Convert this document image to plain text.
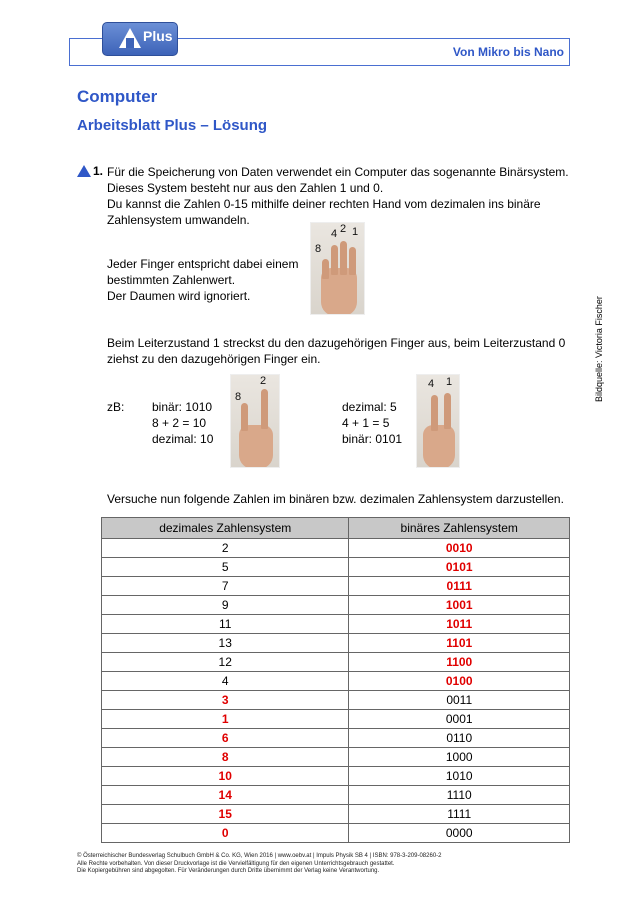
Plus
Von Mikro bis Nano
Computer
Arbeitsblatt Plus – Lösung
1. Für die Speicherung von Daten verwendet ein Computer das sogenannte Binärsystem.
Dieses System besteht nur aus den Zahlen 1 und 0.
Du kannst die Zahlen 0-15 mithilfe deiner rechten Hand vom dezimalen ins binäre
Zahlensystem umwandeln.
Jeder Finger entspricht dabei einem
bestimmten Zahlenwert.
Der Daumen wird ignoriert.
8
4 2 1
Beim Leiterzustand 1 streckst du den dazugehörigen Finger aus, beim Leiterzustand 0
ziehst zu den dazugehörigen Finger ein.
zB: binär: 1010
8 + 2 = 10
dezimal: 10
8
2
dezimal: 5
4 + 1 = 5
binär: 0101
4 1
Versuche nun folgende Zahlen im binären bzw. dezimalen Zahlensystem darzustellen.
Bildquelle: Victoria Fischer
dezimales Zahlensystem	binäres Zahlensystem
2	0010
5	0101
7	0111
9	1001
11	1011
13	1101
12	1100
4	0100
3	0011
1	0001
6	0110
8	1000
10	1010
14	1110
15	1111
0	0000
© Österreichischer Bundesverlag Schulbuch GmbH & Co. KG, Wien 2016 | www.oebv.at | Impuls Physik SB 4 | ISBN: 978-3-209-08260-2
Alle Rechte vorbehalten. Von dieser Druckvorlage ist die Vervielfältigung für den eigenen Unterrichtsgebrauch gestattet.
Die Kopiergebühren sind abgegolten. Für Veränderungen durch Dritte übernimmt der Verlag keine Verantwortung.
